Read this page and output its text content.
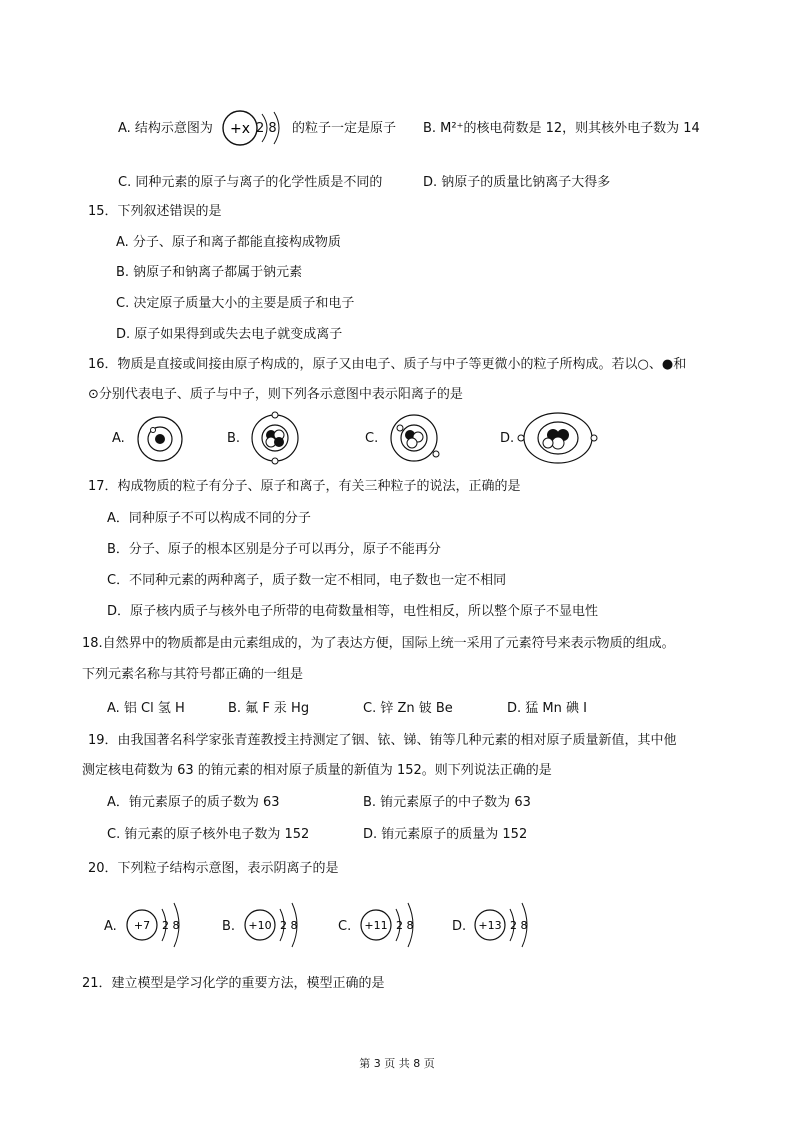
A. 结构示意图为 +x 2 8 的粒子一定是原子 B. M²⁺的核电荷数是 12，则其核外电子数为 14
C. 同种元素的原子与离子的化学性质是不同的	D. 钠原子的质量比钠离子大得多
15．下列叙述错误的是
A. 分子、原子和离子都能直接构成物质
B. 钠原子和钠离子都属于钠元素
C. 决定原子质量大小的主要是质子和电子
D. 原子如果得到或失去电子就变成离子
16．物质是直接或间接由原子构成的，原子又由电子、质子与中子等更微小的粒子所构成。若以○、●和
⊙分别代表电子、质子与中子，则下列各示意图中表示阳离子的是
A.	B.	C.	D.
17．构成物质的粒子有分子、原子和离子，有关三种粒子的说法，正确的是
A．同种原子不可以构成不同的分子
B．分子、原子的根本区别是分子可以再分，原子不能再分
C．不同种元素的两种离子，质子数一定不相同，电子数也一定不相同
D．原子核内质子与核外电子所带的电荷数量相等，电性相反，所以整个原子不显电性
18.自然界中的物质都是由元素组成的，为了表达方便，国际上统一采用了元素符号来表示物质的组成。
下列元素名称与其符号都正确的一组是
A. 铝 Cl 氢 H	B. 氟 F 汞 Hg	C. 锌 Zn 铍 Be	D. 猛 Mn 碘 I
19．由我国著名科学家张青莲教授主持测定了铟、铱、锑、铕等几种元素的相对原子质量新值，其中他
测定核电荷数为 63 的铕元素的相对原子质量的新值为 152。则下列说法正确的是
A．铕元素原子的质子数为 63	B. 铕元素原子的中子数为 63
C. 铕元素的原子核外电子数为 152	D. 铕元素原子的质量为 152
20．下列粒子结构示意图，表示阴离子的是
A. +7 2 8	B. +10 2 8	C. +11 2 8	D. +13 2 8
21．建立模型是学习化学的重要方法，模型正确的是
第 3 页 共 8 页
